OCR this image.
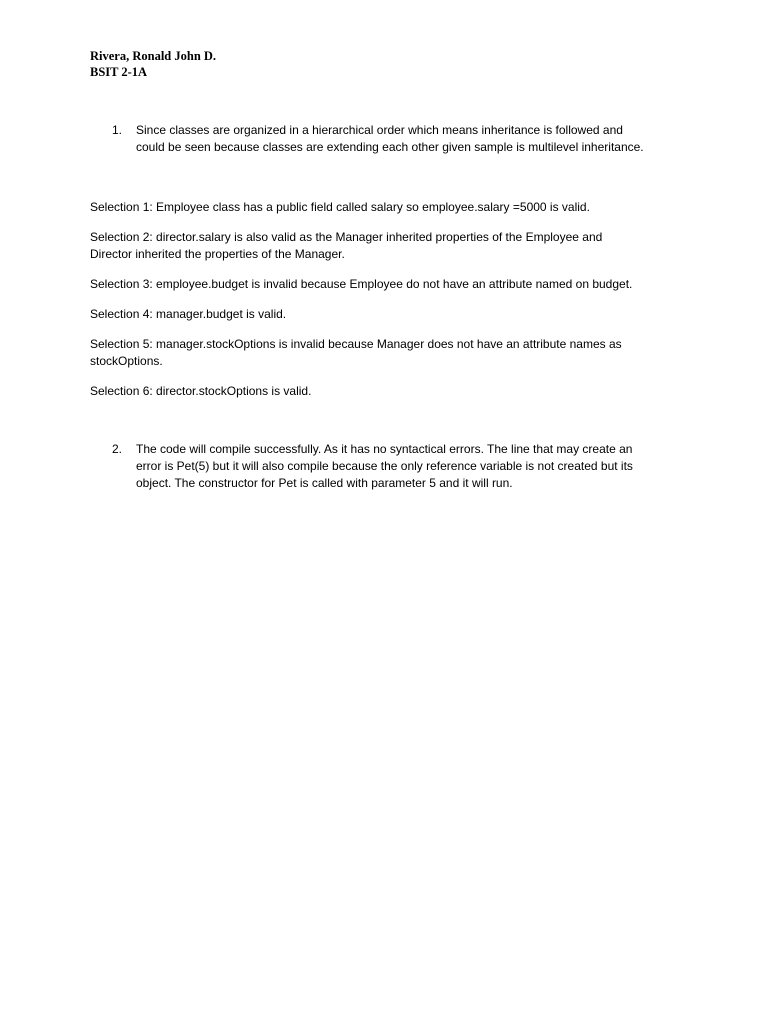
Rivera, Ronald John D.
BSIT 2-1A
1.	Since classes are organized in a hierarchical order which means inheritance is followed and
could be seen because classes are extending each other given sample is multilevel inheritance.

Selection 1: Employee class has a public field called salary so employee.salary =5000 is valid.

Selection 2: director.salary is also valid as the Manager inherited properties of the Employee and
Director inherited the properties of the Manager.

Selection 3: employee.budget is invalid because Employee do not have an attribute named on budget.

Selection 4: manager.budget is valid.

Selection 5: manager.stockOptions is invalid because Manager does not have an attribute names as
stockOptions.

Selection 6: director.stockOptions is valid.

2.	The code will compile successfully. As it has no syntactical errors. The line that may create an
error is Pet(5) but it will also compile because the only reference variable is not created but its
object. The constructor for Pet is called with parameter 5 and it will run.
